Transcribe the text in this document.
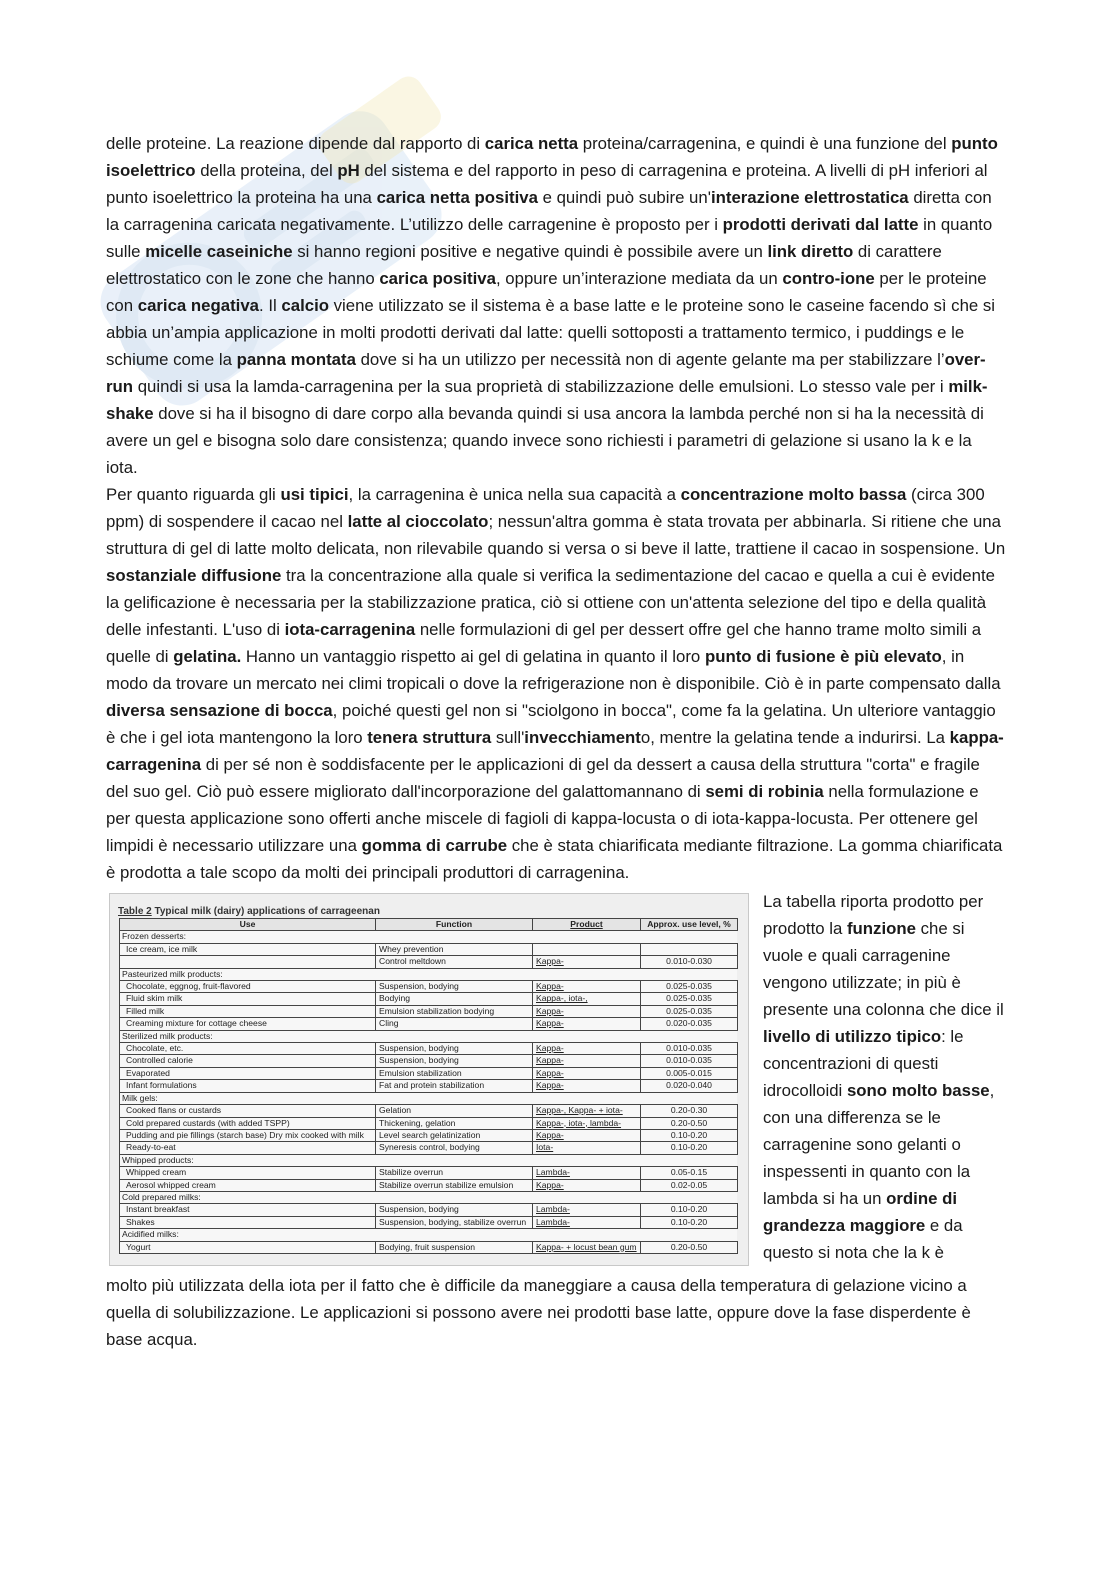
delle proteine. La reazione dipende dal rapporto di carica netta proteina/carragenina, e quindi è una funzione del punto isoelettrico della proteina, del pH del sistema e del rapporto in peso di carragenina e proteina. A livelli di pH inferiori al punto isoelettrico la proteina ha una carica netta positiva e quindi può subire un'interazione elettrostatica diretta con la carragenina caricata negativamente. L’utilizzo delle carragenine è proposto per i prodotti derivati dal latte in quanto sulle micelle caseiniche si hanno regioni positive e negative quindi è possibile avere un link diretto di carattere elettrostatico con le zone che hanno carica positiva, oppure un’interazione mediata da un contro-ione per le proteine con carica negativa. Il calcio viene utilizzato se il sistema è a base latte e le proteine sono le caseine facendo sì che si abbia un’ampia applicazione in molti prodotti derivati dal latte: quelli sottoposti a trattamento termico, i puddings e le schiume come la panna montata dove si ha un utilizzo per necessità non di agente gelante ma per stabilizzare l’over-run quindi si usa la lamda-carragenina per la sua proprietà di stabilizzazione delle emulsioni. Lo stesso vale per i milk-shake dove si ha il bisogno di dare corpo alla bevanda quindi si usa ancora la lambda perché non si ha la necessità di avere un gel e bisogna solo dare consistenza; quando invece sono richiesti i parametri di gelazione si usano la k e la iota.

Per quanto riguarda gli usi tipici, la carragenina è unica nella sua capacità a concentrazione molto bassa (circa 300 ppm) di sospendere il cacao nel latte al cioccolato; nessun'altra gomma è stata trovata per abbinarla. Si ritiene che una struttura di gel di latte molto delicata, non rilevabile quando si versa o si beve il latte, trattiene il cacao in sospensione. Un sostanziale diffusione tra la concentrazione alla quale si verifica la sedimentazione del cacao e quella a cui è evidente la gelificazione è necessaria per la stabilizzazione pratica, ciò si ottiene con un'attenta selezione del tipo e della qualità delle infestanti. L'uso di iota-carragenina nelle formulazioni di gel per dessert offre gel che hanno trame molto simili a quelle di gelatina. Hanno un vantaggio rispetto ai gel di gelatina in quanto il loro punto di fusione è più elevato, in modo da trovare un mercato nei climi tropicali o dove la refrigerazione non è disponibile. Ciò è in parte compensato dalla diversa sensazione di bocca, poiché questi gel non si "sciolgono in bocca", come fa la gelatina. Un ulteriore vantaggio è che i gel iota mantengono la loro tenera struttura sull'invecchiamento, mentre la gelatina tende a indurirsi. La kappa-carragenina di per sé non è soddisfacente per le applicazioni di gel da dessert a causa della struttura "corta" e fragile del suo gel. Ciò può essere migliorato dall'incorporazione del galattomannano di semi di robinia nella formulazione e per questa applicazione sono offerti anche miscele di fagioli di kappa-locusta o di iota-kappa-locusta. Per ottenere gel limpidi è necessario utilizzare una gomma di carrube che è stata chiarificata mediante filtrazione. La gomma chiarificata è prodotta a tale scopo da molti dei principali produttori di carragenina.

Table 2 Typical milk (dairy) applications of carrageenan
Use	Function	Product	Approx. use level, %
Frozen desserts:			
Ice cream, ice milk	Whey prevention		
	Control meltdown	Kappa-	0.010-0.030
Pasteurized milk products:			
Chocolate, eggnog, fruit-flavored	Suspension, bodying	Kappa-	0.025-0.035
Fluid skim milk	Bodying	Kappa-, iota-,	0.025-0.035
Filled milk	Emulsion stabilization bodying	Kappa-	0.025-0.035
Creaming mixture for cottage cheese	Cling	Kappa-	0.020-0.035
Sterilized milk products:			
Chocolate, etc.	Suspension, bodying	Kappa-	0.010-0.035
Controlled calorie	Suspension, bodying	Kappa-	0.010-0.035
Evaporated	Emulsion stabilization	Kappa-	0.005-0.015
Infant formulations	Fat and protein stabilization	Kappa-	0.020-0.040
Milk gels:			
Cooked flans or custards	Gelation	Kappa-, Kappa- + iota-	0.20-0.30
Cold prepared custards (with added TSPP)	Thickening, gelation	Kappa-, iota-, lambda-	0.20-0.50
Pudding and pie fillings (starch base) Dry mix cooked with milk	Level search gelatinization	Kappa-	0.10-0.20
Ready-to-eat	Syneresis control, bodying	Iota-	0.10-0.20
Whipped products:			
Whipped cream	Stabilize overrun	Lambda-	0.05-0.15
Aerosol whipped cream	Stabilize overrun stabilize emulsion	Kappa-	0.02-0.05
Cold prepared milks:			
Instant breakfast	Suspension, bodying	Lambda-	0.10-0.20
Shakes	Suspension, bodying, stabilize overrun	Lambda-	0.10-0.20
Acidified milks:			
Yogurt	Bodying, fruit suspension	Kappa- + locust bean gum	0.20-0.50

La tabella riporta prodotto per prodotto la funzione che si vuole e quali carragenine vengono utilizzate; in più è presente una colonna che dice il livello di utilizzo tipico: le concentrazioni di questi idrocolloidi sono molto basse, con una differenza se le carragenine sono gelanti o inspessenti in quanto con la lambda si ha un ordine di grandezza maggiore e da questo si nota che la k è

molto più utilizzata della iota per il fatto che è difficile da maneggiare a causa della temperatura di gelazione vicino a quella di solubilizzazione. Le applicazioni si possono avere nei prodotti base latte, oppure dove la fase disperdente è base acqua.
